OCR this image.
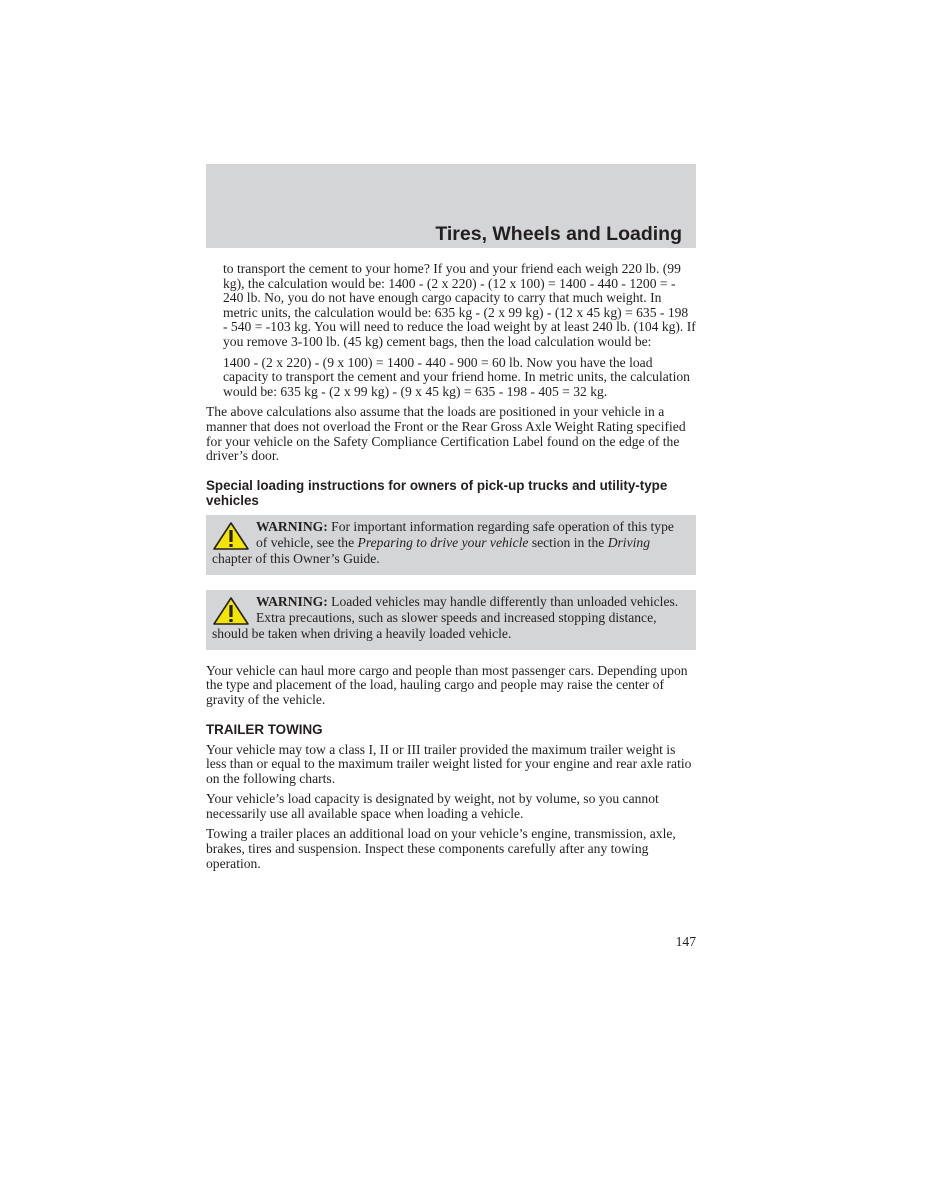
Tires, Wheels and Loading

to transport the cement to your home? If you and your friend each weigh 220 lb. (99 kg), the calculation would be: 1400 - (2 x 220) - (12 x 100) = 1400 - 440 - 1200 = - 240 lb. No, you do not have enough cargo capacity to carry that much weight. In metric units, the calculation would be: 635 kg - (2 x 99 kg) - (12 x 45 kg) = 635 - 198 - 540 = -103 kg. You will need to reduce the load weight by at least 240 lb. (104 kg). If you remove 3-100 lb. (45 kg) cement bags, then the load calculation would be:

1400 - (2 x 220) - (9 x 100) = 1400 - 440 - 900 = 60 lb. Now you have the load capacity to transport the cement and your friend home. In metric units, the calculation would be: 635 kg - (2 x 99 kg) - (9 x 45 kg) = 635 - 198 - 405 = 32 kg.

The above calculations also assume that the loads are positioned in your vehicle in a manner that does not overload the Front or the Rear Gross Axle Weight Rating specified for your vehicle on the Safety Compliance Certification Label found on the edge of the driver’s door.

Special loading instructions for owners of pick-up trucks and utility-type vehicles

WARNING: For important information regarding safe operation of this type of vehicle, see the Preparing to drive your vehicle section in the Driving chapter of this Owner’s Guide.

WARNING: Loaded vehicles may handle differently than unloaded vehicles. Extra precautions, such as slower speeds and increased stopping distance, should be taken when driving a heavily loaded vehicle.

Your vehicle can haul more cargo and people than most passenger cars. Depending upon the type and placement of the load, hauling cargo and people may raise the center of gravity of the vehicle.

TRAILER TOWING

Your vehicle may tow a class I, II or III trailer provided the maximum trailer weight is less than or equal to the maximum trailer weight listed for your engine and rear axle ratio on the following charts.

Your vehicle’s load capacity is designated by weight, not by volume, so you cannot necessarily use all available space when loading a vehicle.

Towing a trailer places an additional load on your vehicle’s engine, transmission, axle, brakes, tires and suspension. Inspect these components carefully after any towing operation.

147
